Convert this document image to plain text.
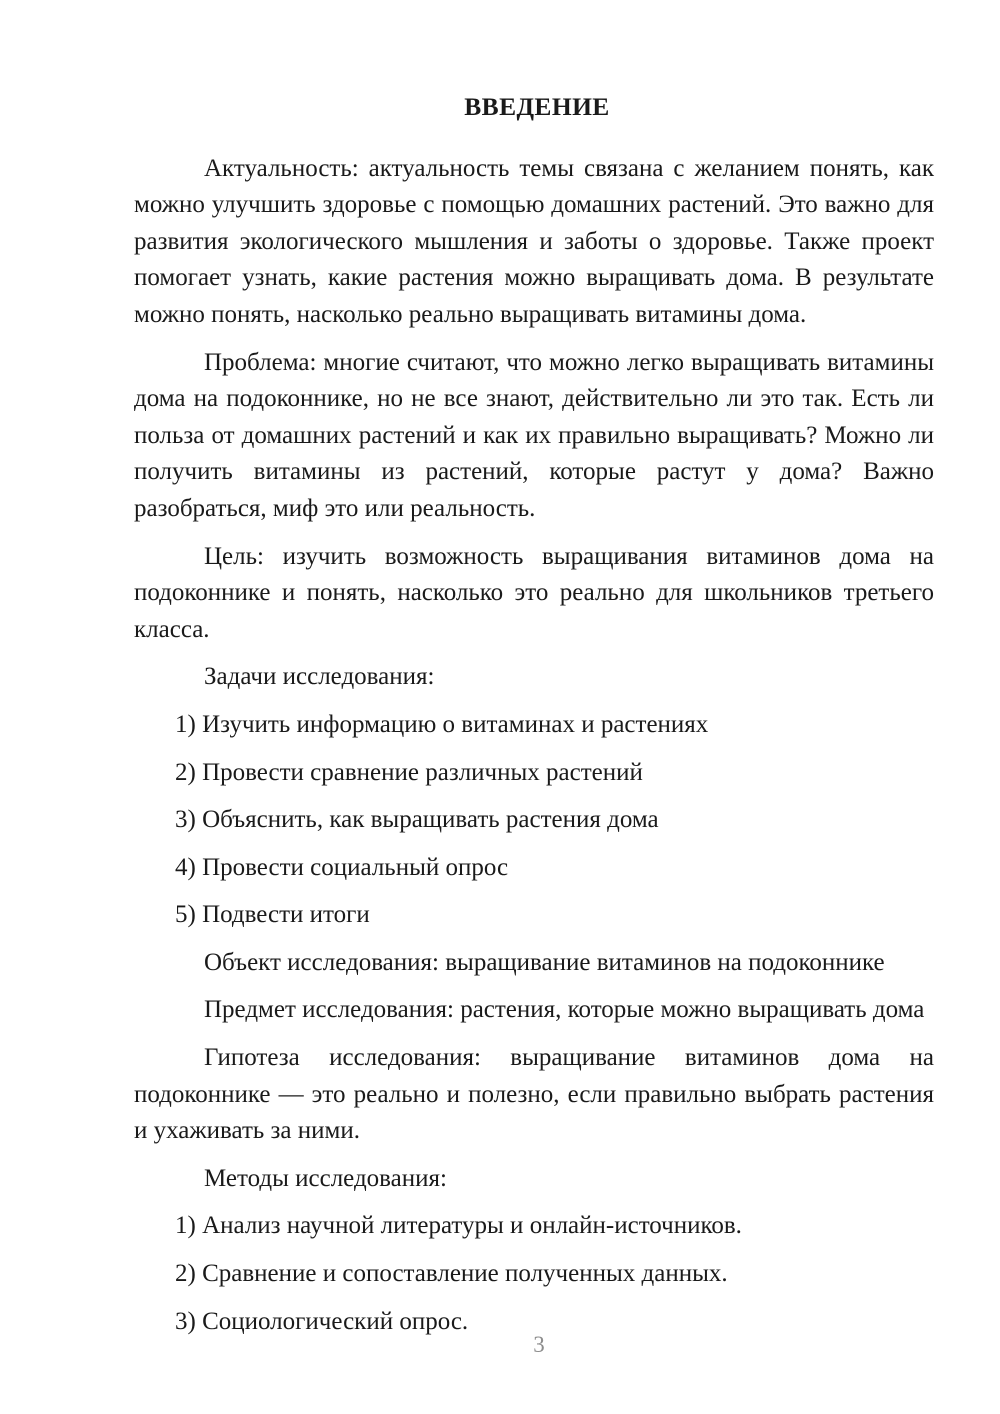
ВВЕДЕНИЕ

Актуальность: актуальность темы связана с желанием понять, как можно улучшить здоровье с помощью домашних растений. Это важно для развития экологического мышления и заботы о здоровье. Также проект помогает узнать, какие растения можно выращивать дома. В результате можно понять, насколько реально выращивать витамины дома.

Проблема: многие считают, что можно легко выращивать витамины дома на подоконнике, но не все знают, действительно ли это так. Есть ли польза от домашних растений и как их правильно выращивать? Можно ли получить витамины из растений, которые растут у дома? Важно разобраться, миф это или реальность.

Цель: изучить возможность выращивания витаминов дома на подоконнике и понять, насколько это реально для школьников третьего класса.

Задачи исследования:

1) Изучить информацию о витаминах и растениях
2) Провести сравнение различных растений
3) Объяснить, как выращивать растения дома
4) Провести социальный опрос
5) Подвести итоги

Объект исследования: выращивание витаминов на подоконнике

Предмет исследования: растения, которые можно выращивать дома

Гипотеза исследования: выращивание витаминов дома на подоконнике — это реально и полезно, если правильно выбрать растения и ухаживать за ними.

Методы исследования:

1) Анализ научной литературы и онлайн-источников.
2) Сравнение и сопоставление полученных данных.
3) Социологический опрос.
3
